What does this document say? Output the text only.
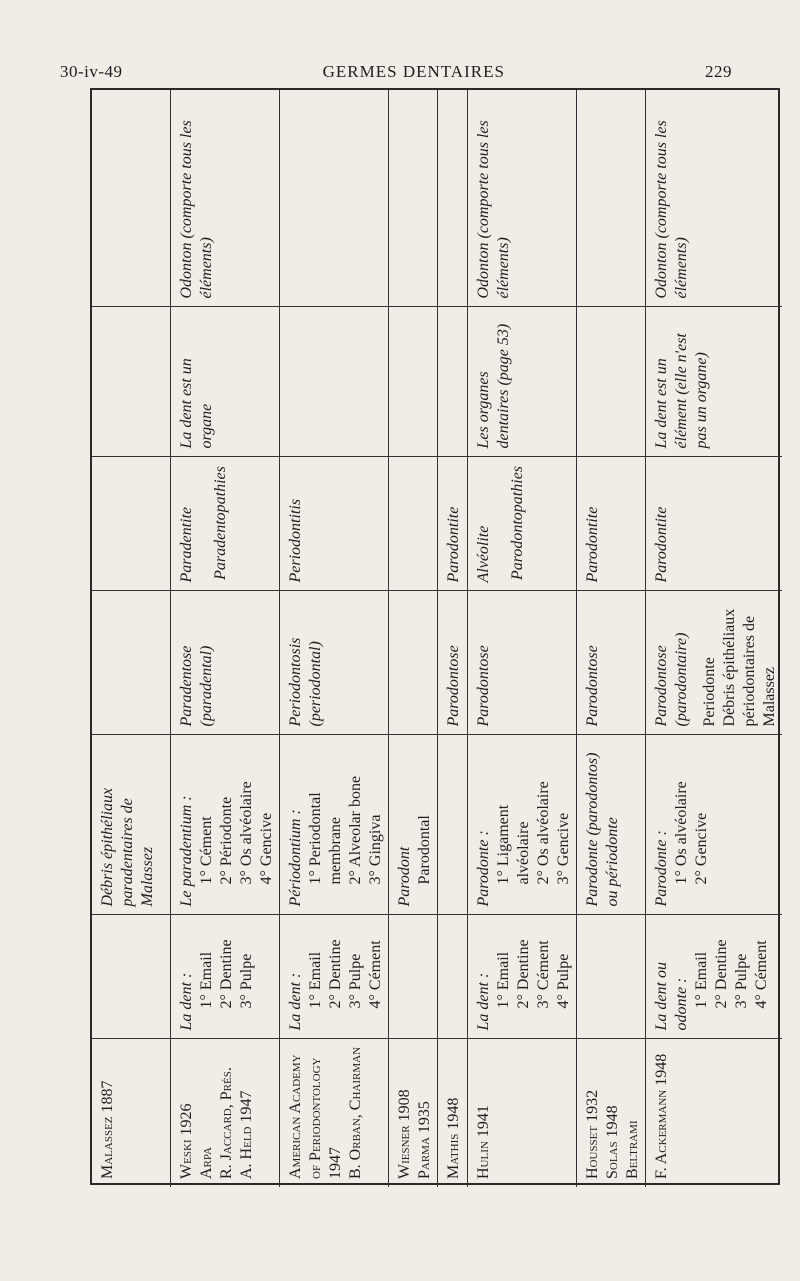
30-iv-49	GERMES DENTAIRES	229
Malassez 1887		Débris épithéliaux paradentaires de Malassez				

Weski 1926 Arpa R. Jaccard, Prés. A. Held 1947	La dent : 1° Email 2° Dentine 3° Pulpe	Le paradentium : 1° Cément 2° Périodonte 3° Os alvéolaire 4° Gencive	Paradentose (paradental)	Paradentite Paradentopathies	La dent est un organe	Odonton (comporte tous les éléments)

American Academy of Periodontology 1947 B. Orban, Chairman	La dent : 1° Email 2° Dentine 3° Pulpe 4° Cément	Périodontium : 1° Periodontal membrane 2° Alveolar bone 3° Gingiva	Periodontosis (periodontal)	Periodontitis		

Wiesner 1908 Parma 1935		Parodont Parodontal				

Mathis 1948			Parodontose	Parodontite		

Hulin 1941	La dent : 1° Email 2° Dentine 3° Cément 4° Pulpe	Parodonte : 1° Ligament alvéolaire 2° Os alvéolaire 3° Gencive	Parodontose	Alvéolite Parodontopathies	Les organes dentaires (page 53)	Odonton (comporte tous les éléments)

Housset 1932 Solas 1948 Beltrami		Parodonte (parodontos) ou périodonte	Parodontose	Parodontite		

F. Ackermann 1948	La dent ou odonte : 1° Email 2° Dentine 3° Pulpe 4° Cément	Parodonte : 1° Os alvéolaire 2° Gencive	Parodontose (parodontaire) Periodonte Débris épithéliaux périodontaires de Malassez	Parodontite	La dent est un élément (elle n'est pas un organe)	Odonton (comporte tous les éléments)
